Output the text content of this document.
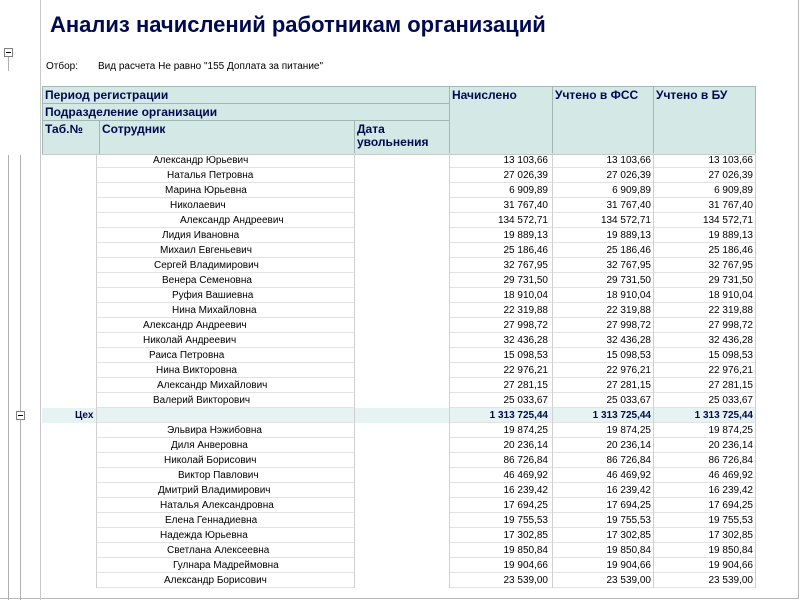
Анализ начислений работникам организаций
Отбор: Вид расчета Не равно "155 Доплата за питание"
Период регистрации
Подразделение организации
Таб.№ Сотрудник	Дата
увольнения
Начислено	Учтено в ФСС Учтено в БУ
Александр Юрьевич	13 103,66	13 103,66	13 103,66
Наталья Петровна	27 026,39	27 026,39	27 026,39
Марина Юрьевна	6 909,89	6 909,89	6 909,89
Николаевич	31 767,40	31 767,40	31 767,40
Александр Андреевич	134 572,71	134 572,71	134 572,71
Лидия Ивановна	19 889,13	19 889,13	19 889,13
Михаил Евгеньевич	25 186,46	25 186,46	25 186,46
Сергей Владимирович	32 767,95	32 767,95	32 767,95
Венера Семеновна	29 731,50	29 731,50	29 731,50
Руфия Вашиевна	18 910,04	18 910,04	18 910,04
Нина Михайловна	22 319,88	22 319,88	22 319,88
Александр Андреевич	27 998,72	27 998,72	27 998,72
Николай Андреевич	32 436,28	32 436,28	32 436,28
Раиса Петровна	15 098,53	15 098,53	15 098,53
Нина Викторовна	22 976,21	22 976,21	22 976,21
Александр Михайлович	27 281,15	27 281,15	27 281,15
Валерий Викторович	25 033,67	25 033,67	25 033,67
Цех	1 313 725,44	1 313 725,44	1 313 725,44
Эльвира Нэжибовна	19 874,25	19 874,25	19 874,25
Диля Анверовна	20 236,14	20 236,14	20 236,14
Николай Борисович	86 726,84	86 726,84	86 726,84
Виктор Павлович	46 469,92	46 469,92	46 469,92
Дмитрий Владимирович	16 239,42	16 239,42	16 239,42
Наталья Александровна	17 694,25	17 694,25	17 694,25
Елена Геннадиевна	19 755,53	19 755,53	19 755,53
Надежда Юрьевна	17 302,85	17 302,85	17 302,85
Светлана Алексеевна	19 850,84	19 850,84	19 850,84
Гулнара Мадреймовна	19 904,66	19 904,66	19 904,66
Александр Борисович	23 539,00	23 539,00	23 539,00
